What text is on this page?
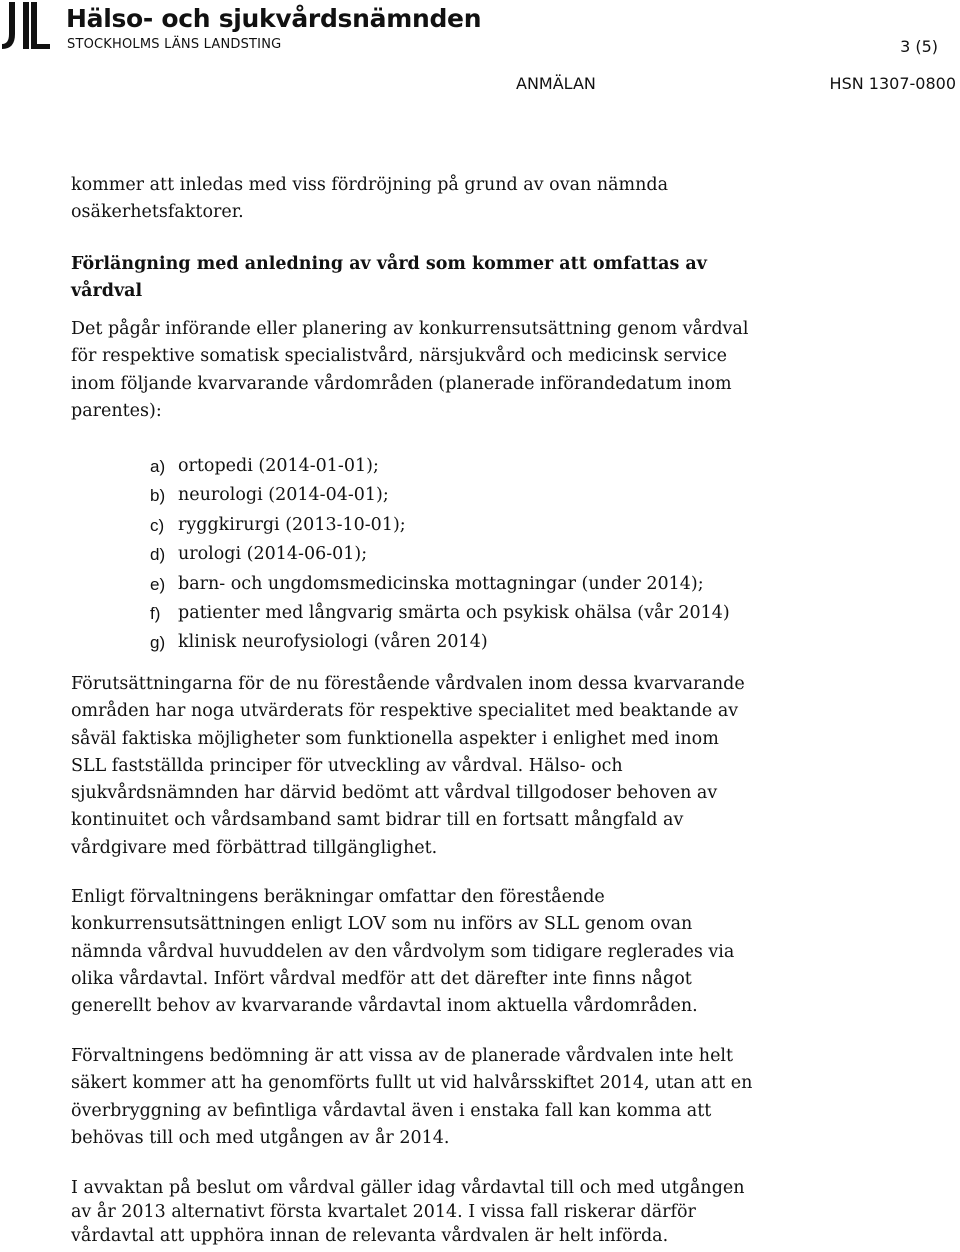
Hälso- och sjukvårdsnämnden
STOCKHOLMS LÄNS LANDSTING	3 (5)
ANMÄLAN	HSN 1307-0800
kommer att inledas med viss fördröjning på grund av ovan nämnda
osäkerhetsfaktorer.
Förlängning med anledning av vård som kommer att omfattas av
vårdval
Det pågår införande eller planering av konkurrensutsättning genom vårdval
för respektive somatisk specialistvård, närsjukvård och medicinsk service
inom följande kvarvarande vårdområden (planerade införandedatum inom
parentes):
a) ortopedi (2014-01-01);
b) neurologi (2014-04-01);
c) ryggkirurgi (2013-10-01);
d) urologi (2014-06-01);
e) barn- och ungdomsmedicinska mottagningar (under 2014);
f) patienter med långvarig smärta och psykisk ohälsa (vår 2014)
g) klinisk neurofysiologi (våren 2014)
Förutsättningarna för de nu förestående vårdvalen inom dessa kvarvarande
områden har noga utvärderats för respektive specialitet med beaktande av
såväl faktiska möjligheter som funktionella aspekter i enlighet med inom
SLL fastställda principer för utveckling av vårdval. Hälso- och
sjukvårdsnämnden har därvid bedömt att vårdval tillgodoser behoven av
kontinuitet och vårdsamband samt bidrar till en fortsatt mångfald av
vårdgivare med förbättrad tillgänglighet.
Enligt förvaltningens beräkningar omfattar den förestående
konkurrensutsättningen enligt LOV som nu införs av SLL genom ovan
nämnda vårdval huvuddelen av den vårdvolym som tidigare reglerades via
olika vårdavtal. Infört vårdval medför att det därefter inte finns något
generellt behov av kvarvarande vårdavtal inom aktuella vårdområden.
Förvaltningens bedömning är att vissa av de planerade vårdvalen inte helt
säkert kommer att ha genomförts fullt ut vid halvårsskiftet 2014, utan att en
överbryggning av befintliga vårdavtal även i enstaka fall kan komma att
behövas till och med utgången av år 2014.
I avvaktan på beslut om vårdval gäller idag vårdavtal till och med utgången
av år 2013 alternativt första kvartalet 2014. I vissa fall riskerar därför
vårdavtal att upphöra innan de relevanta vårdvalen är helt införda.
